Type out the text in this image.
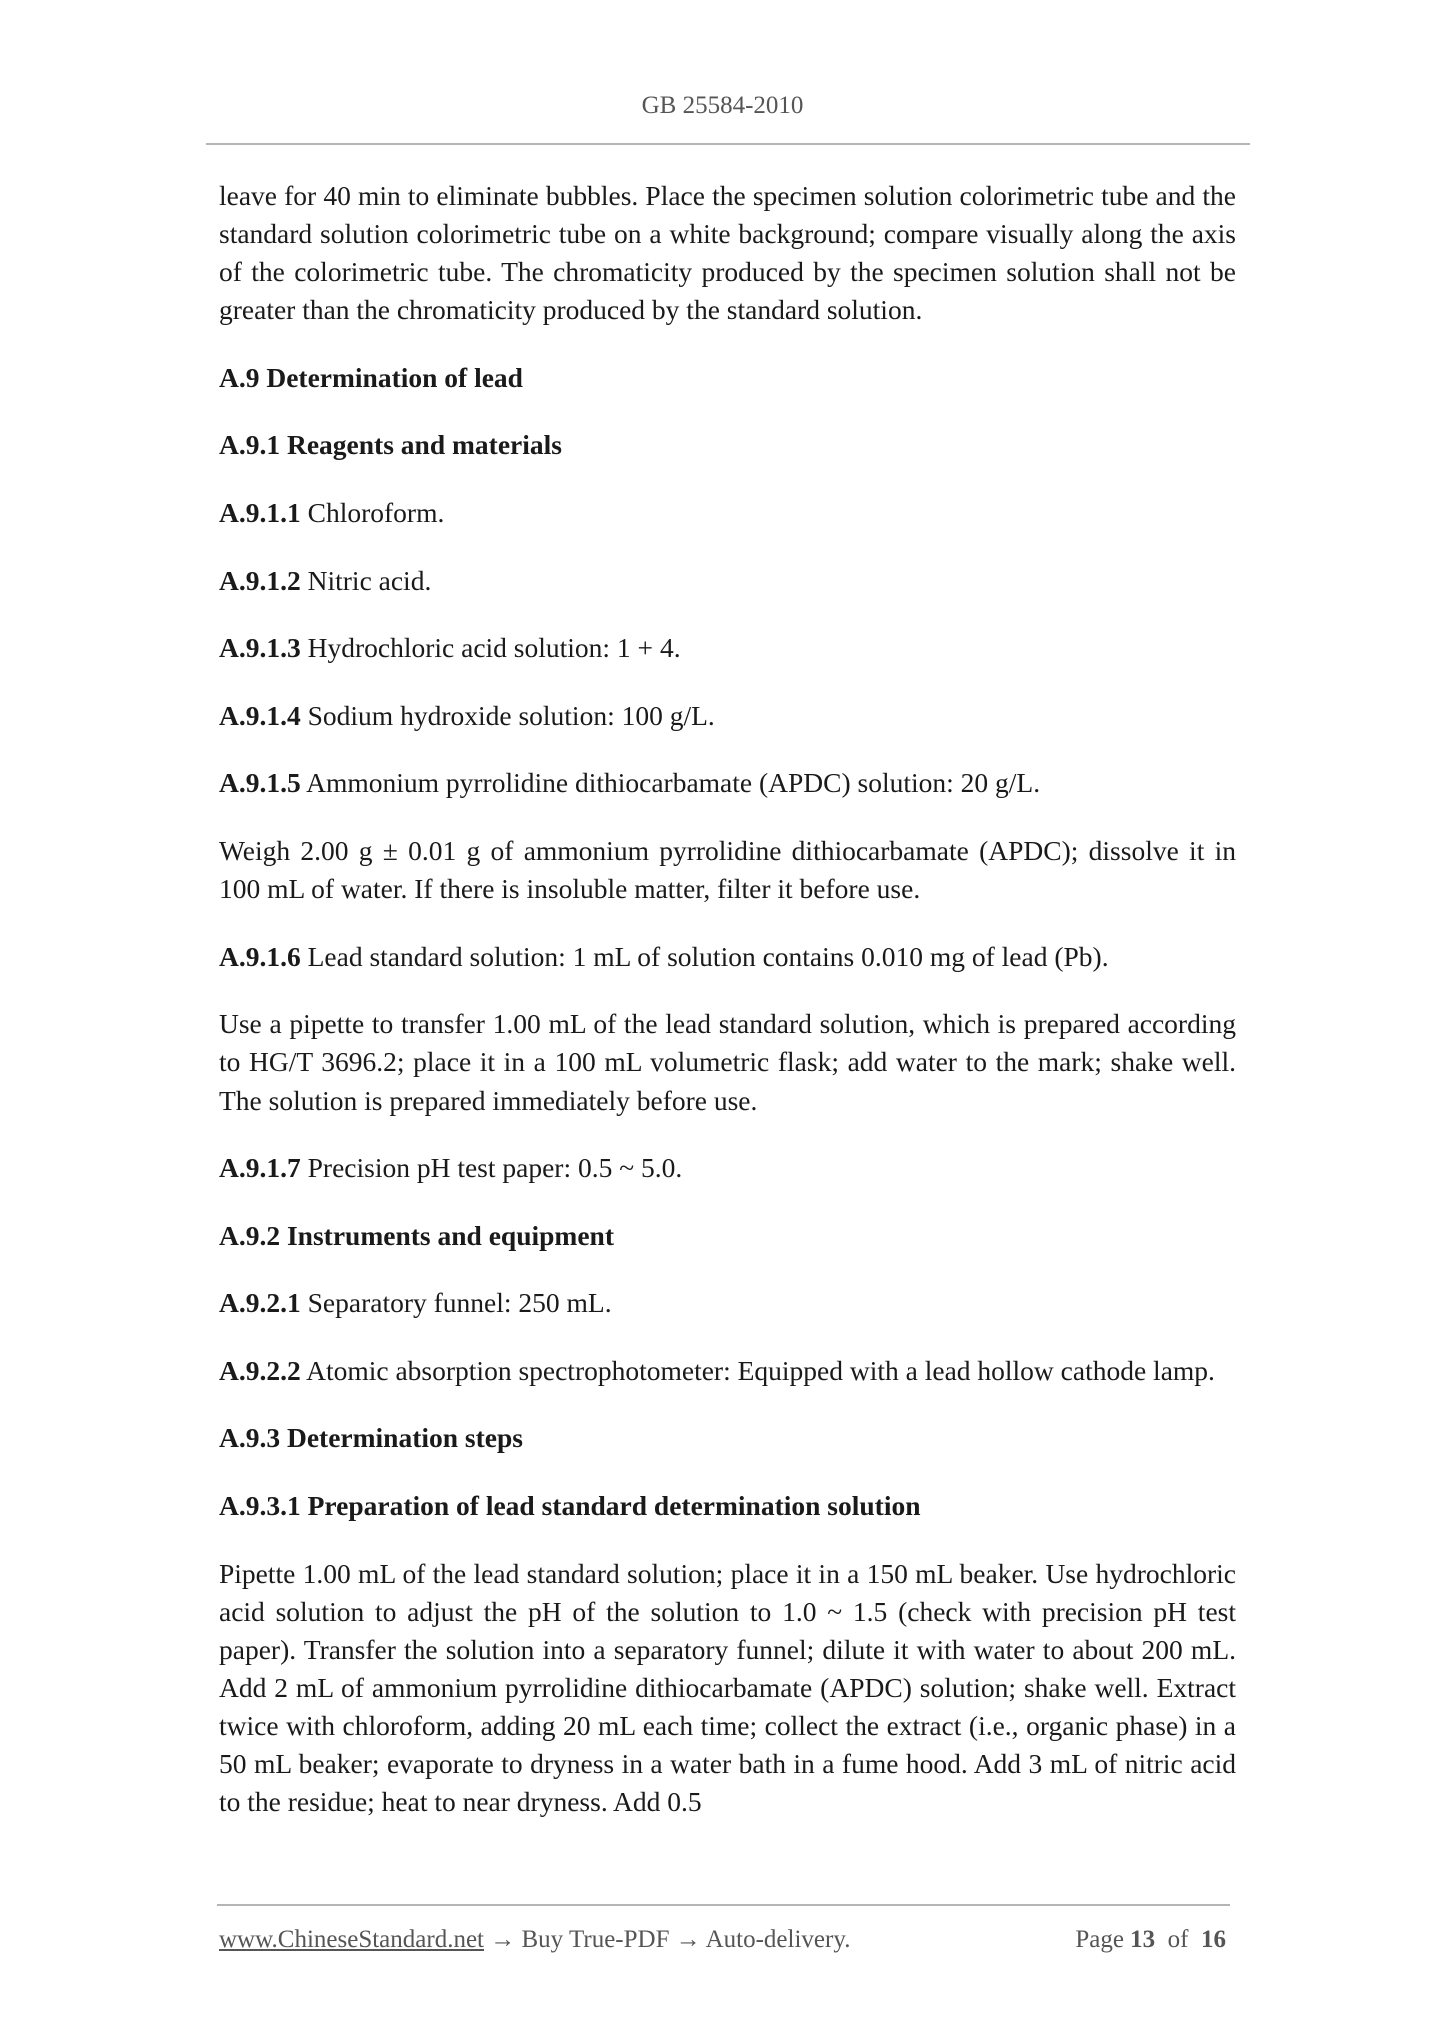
GB 25584-2010

leave for 40 min to eliminate bubbles. Place the specimen solution colorimetric tube and the standard solution colorimetric tube on a white background; compare visually along the axis of the colorimetric tube. The chromaticity produced by the specimen solution shall not be greater than the chromaticity produced by the standard solution.

A.9 Determination of lead

A.9.1 Reagents and materials

A.9.1.1 Chloroform.

A.9.1.2 Nitric acid.

A.9.1.3 Hydrochloric acid solution: 1 + 4.

A.9.1.4 Sodium hydroxide solution: 100 g/L.

A.9.1.5 Ammonium pyrrolidine dithiocarbamate (APDC) solution: 20 g/L.

Weigh 2.00 g ± 0.01 g of ammonium pyrrolidine dithiocarbamate (APDC); dissolve it in 100 mL of water. If there is insoluble matter, filter it before use.

A.9.1.6 Lead standard solution: 1 mL of solution contains 0.010 mg of lead (Pb).

Use a pipette to transfer 1.00 mL of the lead standard solution, which is prepared according to HG/T 3696.2; place it in a 100 mL volumetric flask; add water to the mark; shake well. The solution is prepared immediately before use.

A.9.1.7 Precision pH test paper: 0.5 ~ 5.0.

A.9.2 Instruments and equipment

A.9.2.1 Separatory funnel: 250 mL.

A.9.2.2 Atomic absorption spectrophotometer: Equipped with a lead hollow cathode lamp.

A.9.3 Determination steps

A.9.3.1 Preparation of lead standard determination solution

Pipette 1.00 mL of the lead standard solution; place it in a 150 mL beaker. Use hydrochloric acid solution to adjust the pH of the solution to 1.0 ~ 1.5 (check with precision pH test paper). Transfer the solution into a separatory funnel; dilute it with water to about 200 mL. Add 2 mL of ammonium pyrrolidine dithiocarbamate (APDC) solution; shake well. Extract twice with chloroform, adding 20 mL each time; collect the extract (i.e., organic phase) in a 50 mL beaker; evaporate to dryness in a water bath in a fume hood. Add 3 mL of nitric acid to the residue; heat to near dryness. Add 0.5

www.ChineseStandard.net → Buy True-PDF → Auto-delivery.	Page 13 of 16
